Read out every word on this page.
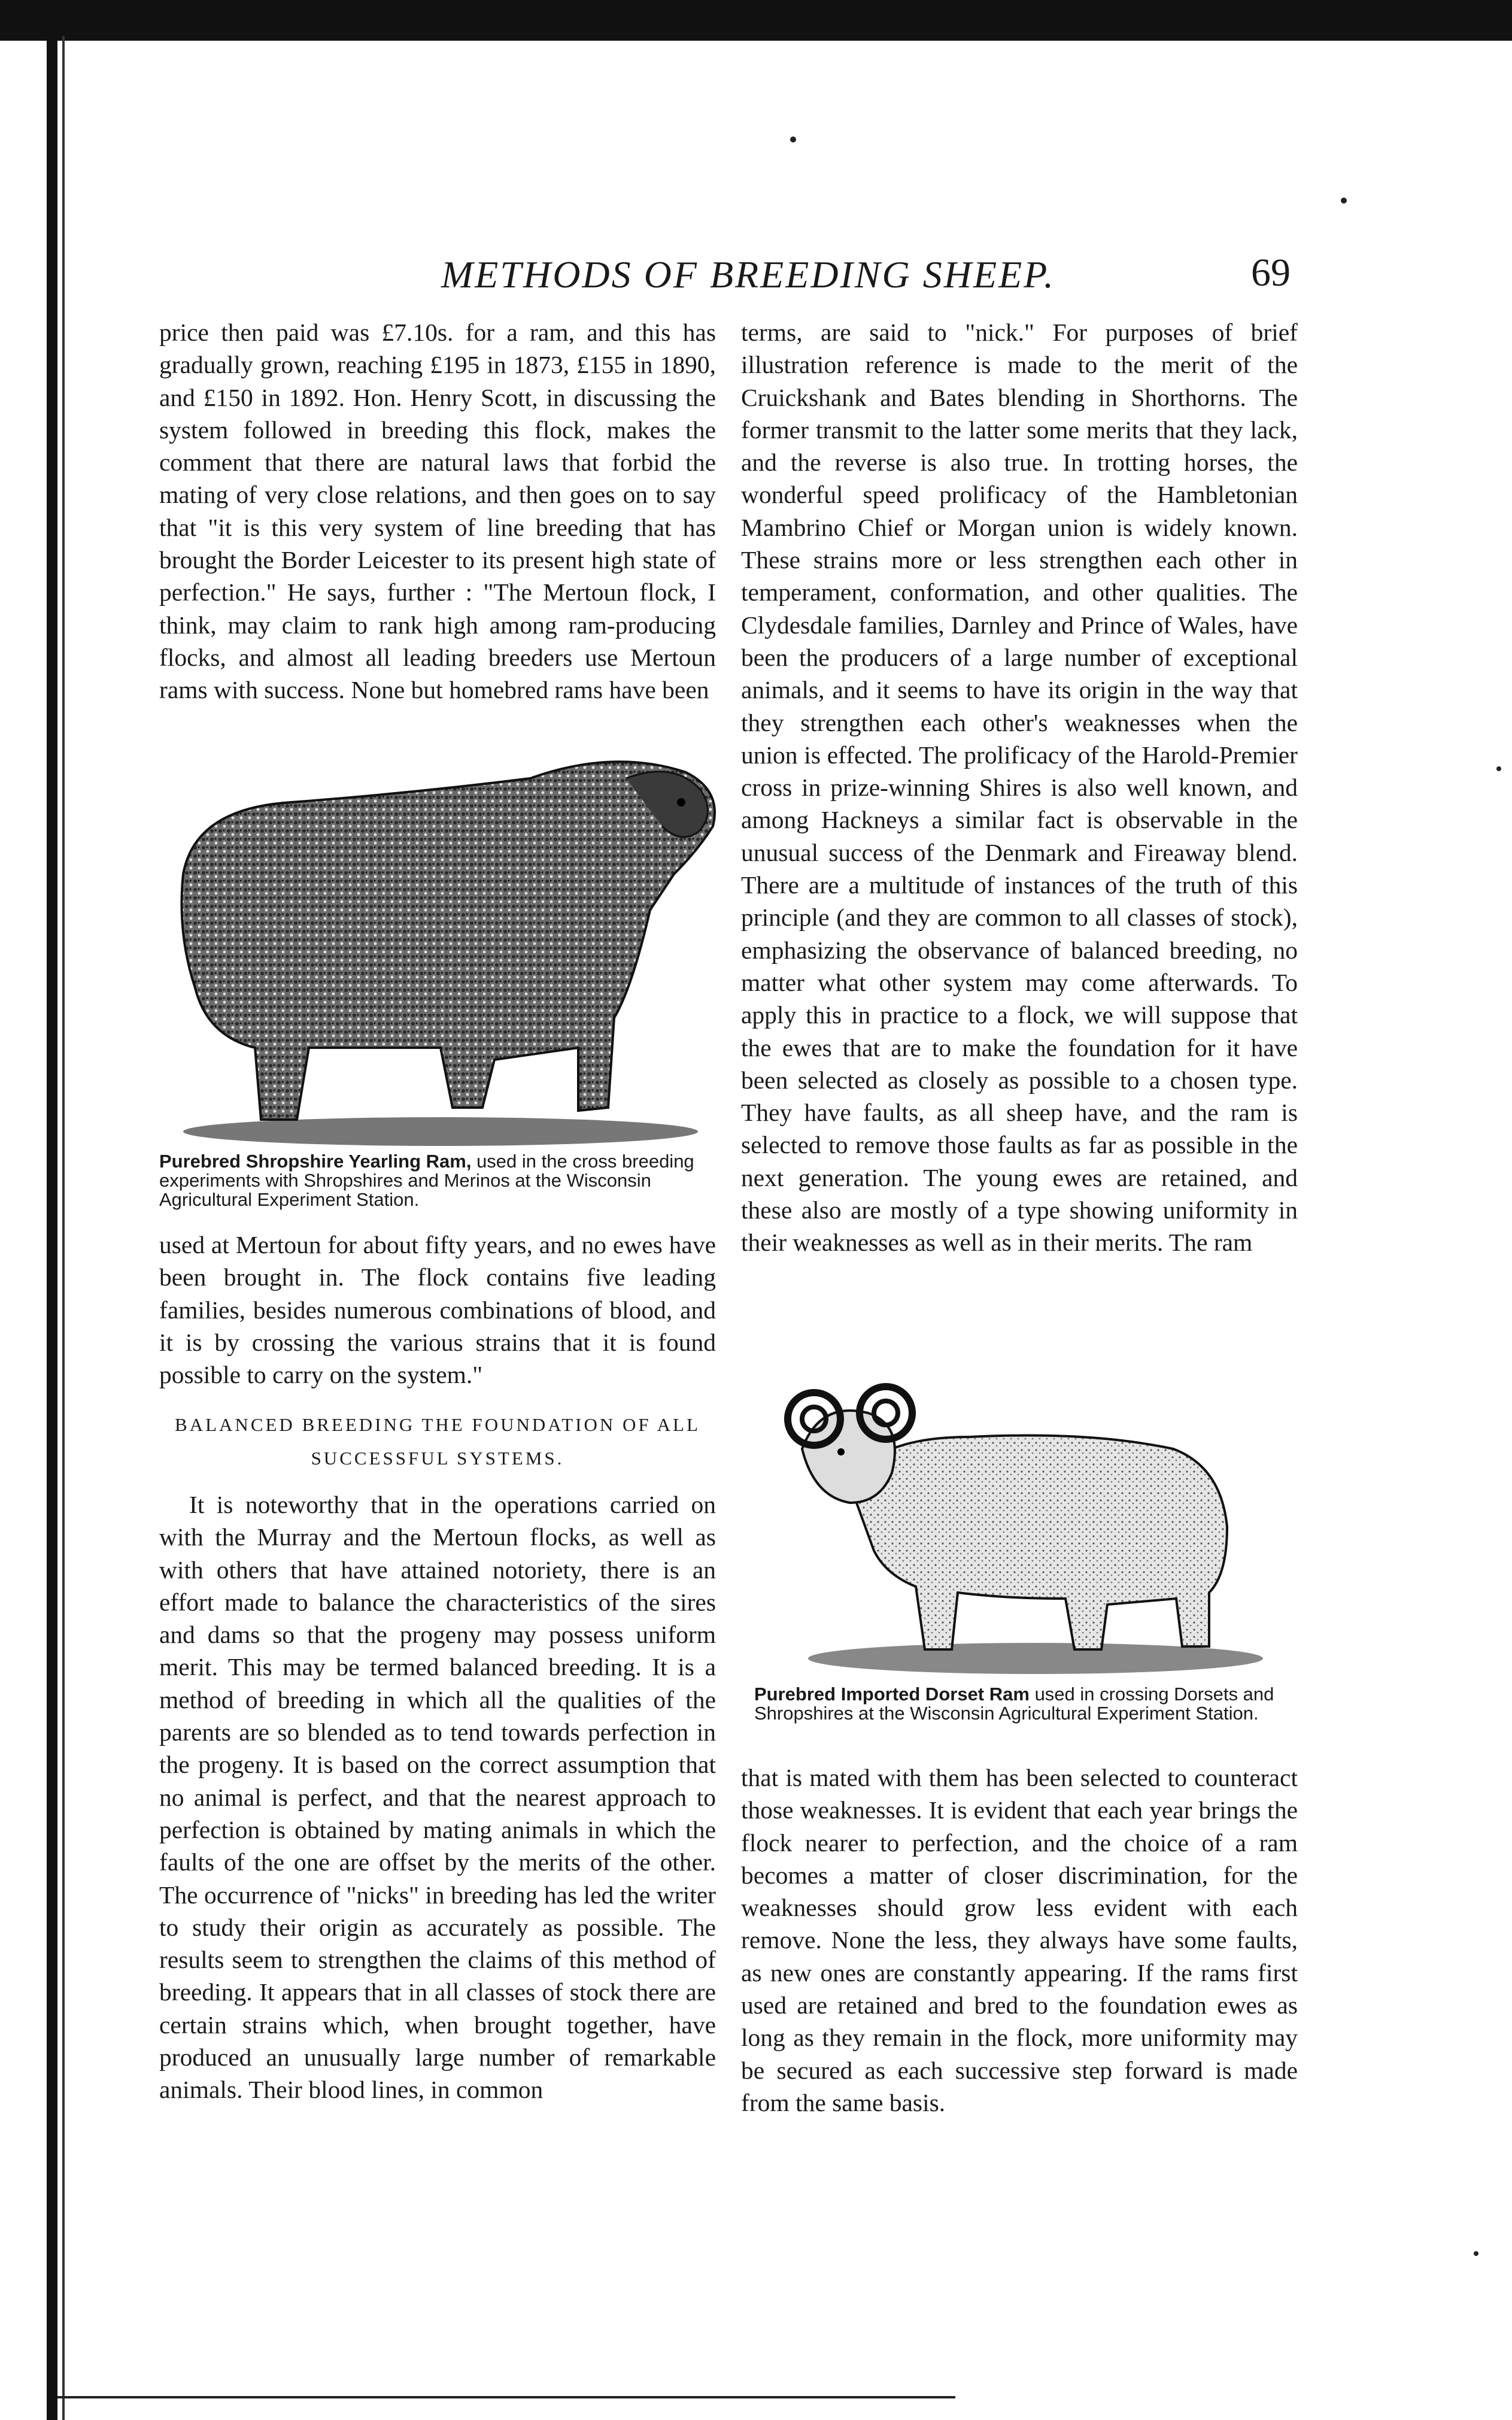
METHODS OF BREEDING SHEEP.	69

price then paid was £7.10s. for a ram, and this has gradually grown, reaching £195 in 1873, £155 in 1890, and £150 in 1892. Hon. Henry Scott, in discussing the system followed in breeding this flock, makes the comment that there are natural laws that forbid the mating of very close relations, and then goes on to say that "it is this very system of line breeding that has brought the Border Leicester to its present high state of perfection." He says, further : "The Mertoun flock, I think, may claim to rank high among ram-producing flocks, and almost all leading breeders use Mertoun rams with success. None but homebred rams have been

Purebred Shropshire Yearling Ram, used in the cross breeding experiments with Shropshires and Merinos at the Wisconsin Agricultural Experiment Station.

used at Mertoun for about fifty years, and no ewes have been brought in. The flock contains five leading families, besides numerous combinations of blood, and it is by crossing the various strains that it is found possible to carry on the system."

BALANCED BREEDING THE FOUNDATION OF ALL SUCCESSFUL SYSTEMS.

It is noteworthy that in the operations carried on with the Murray and the Mertoun flocks, as well as with others that have attained notoriety, there is an effort made to balance the characteristics of the sires and dams so that the progeny may possess uniform merit. This may be termed balanced breeding. It is a method of breeding in which all the qualities of the parents are so blended as to tend towards perfection in the progeny. It is based on the correct assumption that no animal is perfect, and that the nearest approach to perfection is obtained by mating animals in which the faults of the one are offset by the merits of the other. The occurrence of "nicks" in breeding has led the writer to study their origin as accurately as possible. The results seem to strengthen the claims of this method of breeding. It appears that in all classes of stock there are certain strains which, when brought together, have produced an unusually large number of remarkable animals. Their blood lines, in common

terms, are said to "nick." For purposes of brief illustration reference is made to the merit of the Cruickshank and Bates blending in Shorthorns. The former transmit to the latter some merits that they lack, and the reverse is also true. In trotting horses, the wonderful speed prolificacy of the Hambletonian Mambrino Chief or Morgan union is widely known. These strains more or less strengthen each other in temperament, conformation, and other qualities. The Clydesdale families, Darnley and Prince of Wales, have been the producers of a large number of exceptional animals, and it seems to have its origin in the way that they strengthen each other's weaknesses when the union is effected. The prolificacy of the Harold-Premier cross in prize-winning Shires is also well known, and among Hackneys a similar fact is observable in the unusual success of the Denmark and Fireaway blend. There are a multitude of instances of the truth of this principle (and they are common to all classes of stock), emphasizing the observance of balanced breeding, no matter what other system may come afterwards. To apply this in practice to a flock, we will suppose that the ewes that are to make the foundation for it have been selected as closely as possible to a chosen type. They have faults, as all sheep have, and the ram is selected to remove those faults as far as possible in the next generation. The young ewes are retained, and these also are mostly of a type showing uniformity in their weaknesses as well as in their merits. The ram

Purebred Imported Dorset Ram used in crossing Dorsets and Shropshires at the Wisconsin Agricultural Experiment Station.

that is mated with them has been selected to counteract those weaknesses. It is evident that each year brings the flock nearer to perfection, and the choice of a ram becomes a matter of closer discrimination, for the weaknesses should grow less evident with each remove. None the less, they always have some faults, as new ones are constantly appearing. If the rams first used are retained and bred to the foundation ewes as long as they remain in the flock, more uniformity may be secured as each successive step forward is made from the same basis.
